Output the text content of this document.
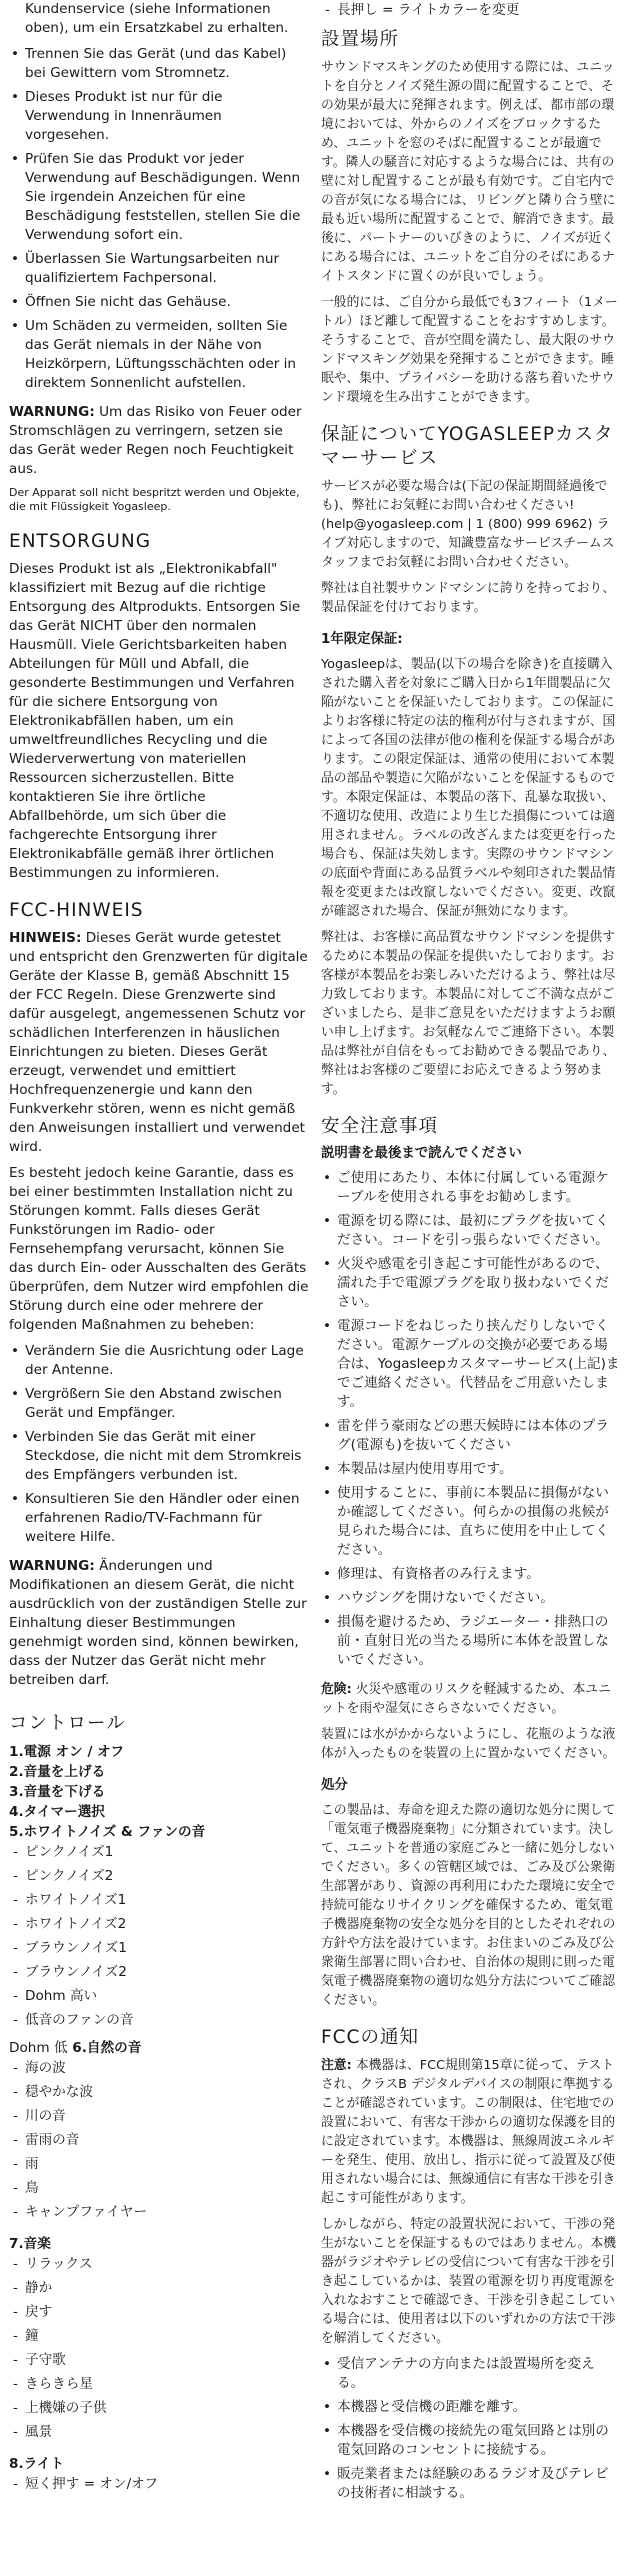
Kundenservice (siehe Informationen oben), um ein Ersatzkabel zu erhalten.

• Trennen Sie das Gerät (und das Kabel) bei Gewittern vom Stromnetz.
• Dieses Produkt ist nur für die Verwendung in Innenräumen vorgesehen.
• Prüfen Sie das Produkt vor jeder Verwendung auf Beschädigungen. Wenn Sie irgendein Anzeichen für eine Beschädigung feststellen, stellen Sie die Verwendung sofort ein.
• Überlassen Sie Wartungsarbeiten nur qualifiziertem Fachpersonal.
• Öffnen Sie nicht das Gehäuse.
• Um Schäden zu vermeiden, sollten Sie das Gerät niemals in der Nähe von Heizkörpern, Lüftungsschächten oder in direktem Sonnenlicht aufstellen.

WARNUNG: Um das Risiko von Feuer oder Stromschlägen zu verringern, setzen sie das Gerät weder Regen noch Feuchtigkeit aus.

Der Apparat soll nicht bespritzt werden und Objekte, die mit Flüssigkeit Yogasleep.

ENTSORGUNG

Dieses Produkt ist als „Elektronikabfall" klassifiziert mit Bezug auf die richtige Entsorgung des Altprodukts. Entsorgen Sie das Gerät NICHT über den normalen Hausmüll. Viele Gerichtsbarkeiten haben Abteilungen für Müll und Abfall, die gesonderte Bestimmungen und Verfahren für die sichere Entsorgung von Elektronikabfällen haben, um ein umweltfreundliches Recycling und die Wiederverwertung von materiellen Ressourcen sicherzustellen. Bitte kontaktieren Sie ihre örtliche Abfallbehörde, um sich über die fachgerechte Entsorgung ihrer Elektronikabfälle gemäß ihrer örtlichen Bestimmungen zu informieren.

FCC-HINWEIS

HINWEIS: Dieses Gerät wurde getestet und entspricht den Grenzwerten für digitale Geräte der Klasse B, gemäß Abschnitt 15 der FCC Regeln. Diese Grenzwerte sind dafür ausgelegt, angemessenen Schutz vor schädlichen Interferenzen in häuslichen Einrichtungen zu bieten. Dieses Gerät erzeugt, verwendet und emittiert Hochfrequenzenergie und kann den Funkverkehr stören, wenn es nicht gemäß den Anweisungen installiert und verwendet wird.

Es besteht jedoch keine Garantie, dass es bei einer bestimmten Installation nicht zu Störungen kommt. Falls dieses Gerät Funkstörungen im Radio- oder Fernsehempfang verursacht, können Sie das durch Ein- oder Ausschalten des Geräts überprüfen, dem Nutzer wird empfohlen die Störung durch eine oder mehrere der folgenden Maßnahmen zu beheben:

• Verändern Sie die Ausrichtung oder Lage der Antenne.
• Vergrößern Sie den Abstand zwischen Gerät und Empfänger.
• Verbinden Sie das Gerät mit einer Steckdose, die nicht mit dem Stromkreis des Empfängers verbunden ist.
• Konsultieren Sie den Händler oder einen erfahrenen Radio/TV-Fachmann für weitere Hilfe.

WARNUNG: Änderungen und Modifikationen an diesem Gerät, die nicht ausdrücklich von der zuständigen Stelle zur Einhaltung dieser Bestimmungen genehmigt worden sind, können bewirken, dass der Nutzer das Gerät nicht mehr betreiben darf.

コントロール
1.電源 オン / オフ
2.音量を上げる
3.音量を下げる
4.タイマー選択
5.ホワイトノイズ & ファンの音
- ピンクノイズ1
- ピンクノイズ2
- ホワイトノイズ1
- ホワイトノイズ2
- ブラウンノイズ1
- ブラウンノイズ2
- Dohm 高い
- 低音のファンの音
Dohm 低 6.自然の音
- 海の波
- 穏やかな波
- 川の音
- 雷雨の音
- 雨
- 鳥
- キャンプファイヤー
7.音楽
- リラックス
- 静か
- 戻す
- 鐘
- 子守歌
- きらきら星
- 上機嫌の子供
- 風景
8.ライト
- 短く押す = オン/オフ
- 長押し = ライトカラーを変更
設置場所

サウンドマスキングのため使用する際には、ユニットを自分とノイズ発生源の間に配置することで、その効果が最大に発揮されます。例えば、都市部の環境においては、外からのノイズをブロックするため、ユニットを窓のそばに配置することが最適です。隣人の騒音に対応するような場合には、共有の壁に対し配置することが最も有効です。ご自宅内での音が気になる場合には、リビングと隣り合う壁に最も近い場所に配置することで、解消できます。最後に、パートナーのいびきのように、ノイズが近くにある場合には、ユニットをご自分のそばにあるナイトスタンドに置くのが良いでしょう。

一般的には、ご自分から最低でも3フィート（1メートル）ほど離して配置することをおすすめします。そうすることで、音が空間を満たし、最大限のサウンドマスキング効果を発揮することができます。睡眠や、集中、プライバシーを助ける落ち着いたサウンド環境を生み出すことができます。

保証についてYOGASLEEPカスタマーサービス

サービスが必要な場合は(下記の保証期間経過後でも)、弊社にお気軽にお問い合わせください! (help@yogasleep.com | 1 (800) 999 6962) ライブ対応しますので、知識豊富なサービスチームスタッフまでお気軽にお問い合わせください。

弊社は自社製サウンドマシンに誇りを持っており、製品保証を付けております。

1年限定保証:

Yogasleepは、製品(以下の場合を除き)を直接購入された購入者を対象にご購入日から1年間製品に欠陥がないことを保証いたしております。この保証によりお客様に特定の法的権利が付与されますが、国によって各国の法律が他の権利を保証する場合があります。この限定保証は、通常の使用において本製品の部品や製造に欠陥がないことを保証するものです。本限定保証は、本製品の落下、乱暴な取扱い、不適切な使用、改造により生じた損傷については適用されません。ラベルの改ざんまたは変更を行った場合も、保証は失効します。実際のサウンドマシンの底面や背面にある品質ラベルや刻印された製品情報を変更または改竄しないでください。変更、改竄が確認された場合、保証が無効になります。

弊社は、お客様に高品質なサウンドマシンを提供するために本製品の保証を提供いたしております。お客様が本製品をお楽しみいただけるよう、弊社は尽力致しております。本製品に対してご不満な点がございましたら、是非ご意見をいただけますようお願い申し上げます。お気軽なんでご連絡下さい。本製品は弊社が自信をもってお勧めできる製品であり、弊社はお客様のご要望にお応えできるよう努めます。

安全注意事項
説明書を最後まで読んでください
• ご使用にあたり、本体に付属している電源ケーブルを使用される事をお勧めします。
• 電源を切る際には、最初にプラグを抜いてください。コードを引っ張らないでください。
• 火災や感電を引き起こす可能性があるので、濡れた手で電源プラグを取り扱わないでください。
• 電源コードをねじったり挟んだりしないでください。電源ケーブルの交換が必要である場合は、Yogasleepカスタマーサービス(上記)までご連絡ください。代替品をご用意いたします。
• 雷を伴う豪雨などの悪天候時には本体のプラグ(電源も)を抜いてください
• 本製品は屋内使用専用です。
• 使用することに、事前に本製品に損傷がないか確認してください。何らかの損傷の兆候が見られた場合には、直ちに使用を中止してください。
• 修理は、有資格者のみ行えます。
• ハウジングを開けないでください。
• 損傷を避けるため、ラジエーター・排熱口の前・直射日光の当たる場所に本体を設置しないでください。

危険: 火災や感電のリスクを軽減するため、本ユニットを雨や湿気にさらさないでください。

装置には水がかからないようにし、花瓶のような液体が入ったものを装置の上に置かないでください。

処分

この製品は、寿命を迎えた際の適切な処分に関して「電気電子機器廃棄物」に分類されています。決して、ユニットを普通の家庭ごみと一緒に処分しないでください。多くの管轄区域では、ごみ及び公衆衛生部署があり、資源の再利用にわたた環境に安全で持続可能なリサイクリングを確保するため、電気電子機器廃棄物の安全な処分を目的としたそれぞれの方針や方法を設けています。お住まいのごみ及び公衆衛生部署に問い合わせ、自治体の規則に則った電気電子機器廃棄物の適切な処分方法についてご確認ください。

FCCの通知

注意: 本機器は、FCC規則第15章に従って、テストされ、クラスB デジタルデバイスの制限に準拠することが確認されています。この制限は、住宅地での設置において、有害な干渉からの適切な保護を目的に設定されています。本機器は、無線周波エネルギーを発生、使用、放出し、指示に従って設置及び使用されない場合には、無線通信に有害な干渉を引き起こす可能性があります。

しかしながら、特定の設置状況において、干渉の発生がないことを保証するものではありません。本機器がラジオやテレビの受信について有害な干渉を引き起こしているかは、装置の電源を切り再度電源を入れなおすことで確認でき、干渉を引き起こしている場合には、使用者は以下のいずれかの方法で干渉を解消してください。

• 受信アンテナの方向または設置場所を変える。
• 本機器と受信機の距離を離す。
• 本機器を受信機の接続先の電気回路とは別の電気回路のコンセントに接続する。
• 販売業者または経験のあるラジオ及びテレビの技術者に相談する。
